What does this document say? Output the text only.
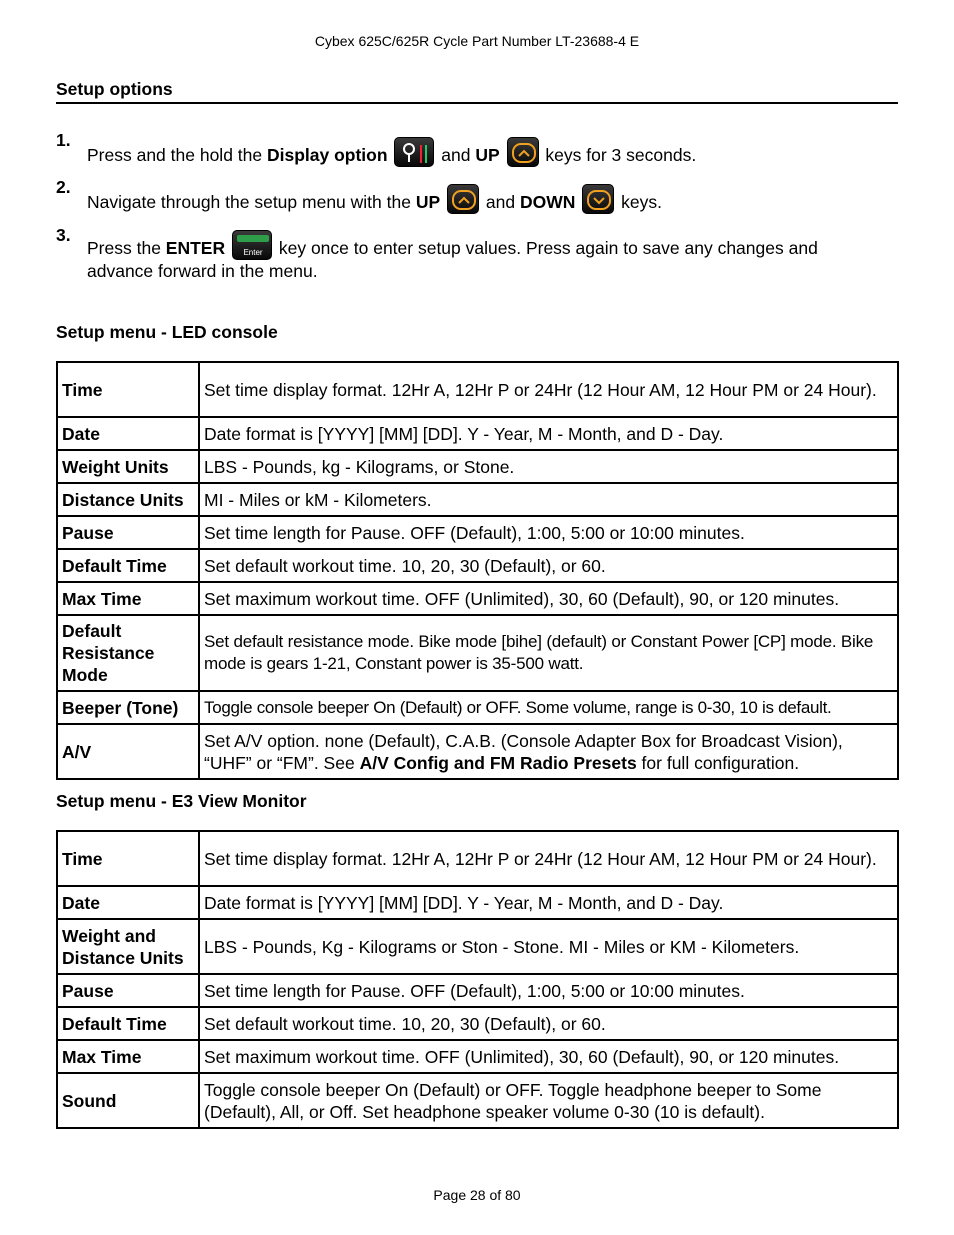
Cybex 625C/625R Cycle Part Number LT-23688-4 E
Setup options
1.
Press and the hold the Display option	and UP
keys for 3 seconds.
2.
Navigate through the setup menu with the UP
and DOWN
keys.
3.
Press the ENTER Enter key once to enter setup values. Press again to save any changes and advance forward in the menu.
Setup menu - LED console
Time	Set time display format. 12Hr A, 12Hr P or 24Hr (12 Hour AM, 12 Hour PM or 24 Hour).
Date	Date format is [YYYY] [MM] [DD]. Y - Year, M - Month, and D - Day.
Weight Units	LBS - Pounds, kg - Kilograms, or Stone.
Distance Units	MI - Miles or kM - Kilometers.
Pause	Set time length for Pause. OFF (Default), 1:00, 5:00 or 10:00 minutes.
Default Time	Set default workout time. 10, 20, 30 (Default), or 60.
Max Time	Set maximum workout time. OFF (Unlimited), 30, 60 (Default), 90, or 120 minutes.
Default Resistance Mode	Set default resistance mode. Bike mode [bihe] (default) or Constant Power [CP] mode. Bike mode is gears 1-21, Constant power is 35-500 watt.
Beeper (Tone)	Toggle console beeper On (Default) or OFF. Some volume, range is 0-30, 10 is default.
A/V	Set A/V option. none (Default), C.A.B. (Console Adapter Box for Broadcast Vision), “UHF” or “FM”. See A/V Config and FM Radio Presets for full configuration.
Setup menu - E3 View Monitor
Time	Set time display format. 12Hr A, 12Hr P or 24Hr (12 Hour AM, 12 Hour PM or 24 Hour).
Date	Date format is [YYYY] [MM] [DD]. Y - Year, M - Month, and D - Day.
Weight and Distance Units	LBS - Pounds, Kg - Kilograms or Ston - Stone. MI - Miles or KM - Kilometers.
Pause	Set time length for Pause. OFF (Default), 1:00, 5:00 or 10:00 minutes.
Default Time	Set default workout time. 10, 20, 30 (Default), or 60.
Max Time	Set maximum workout time. OFF (Unlimited), 30, 60 (Default), 90, or 120 minutes.
Sound	Toggle console beeper On (Default) or OFF. Toggle headphone beeper to Some (Default), All, or Off. Set headphone speaker volume 0-30 (10 is default).
Page 28 of 80
